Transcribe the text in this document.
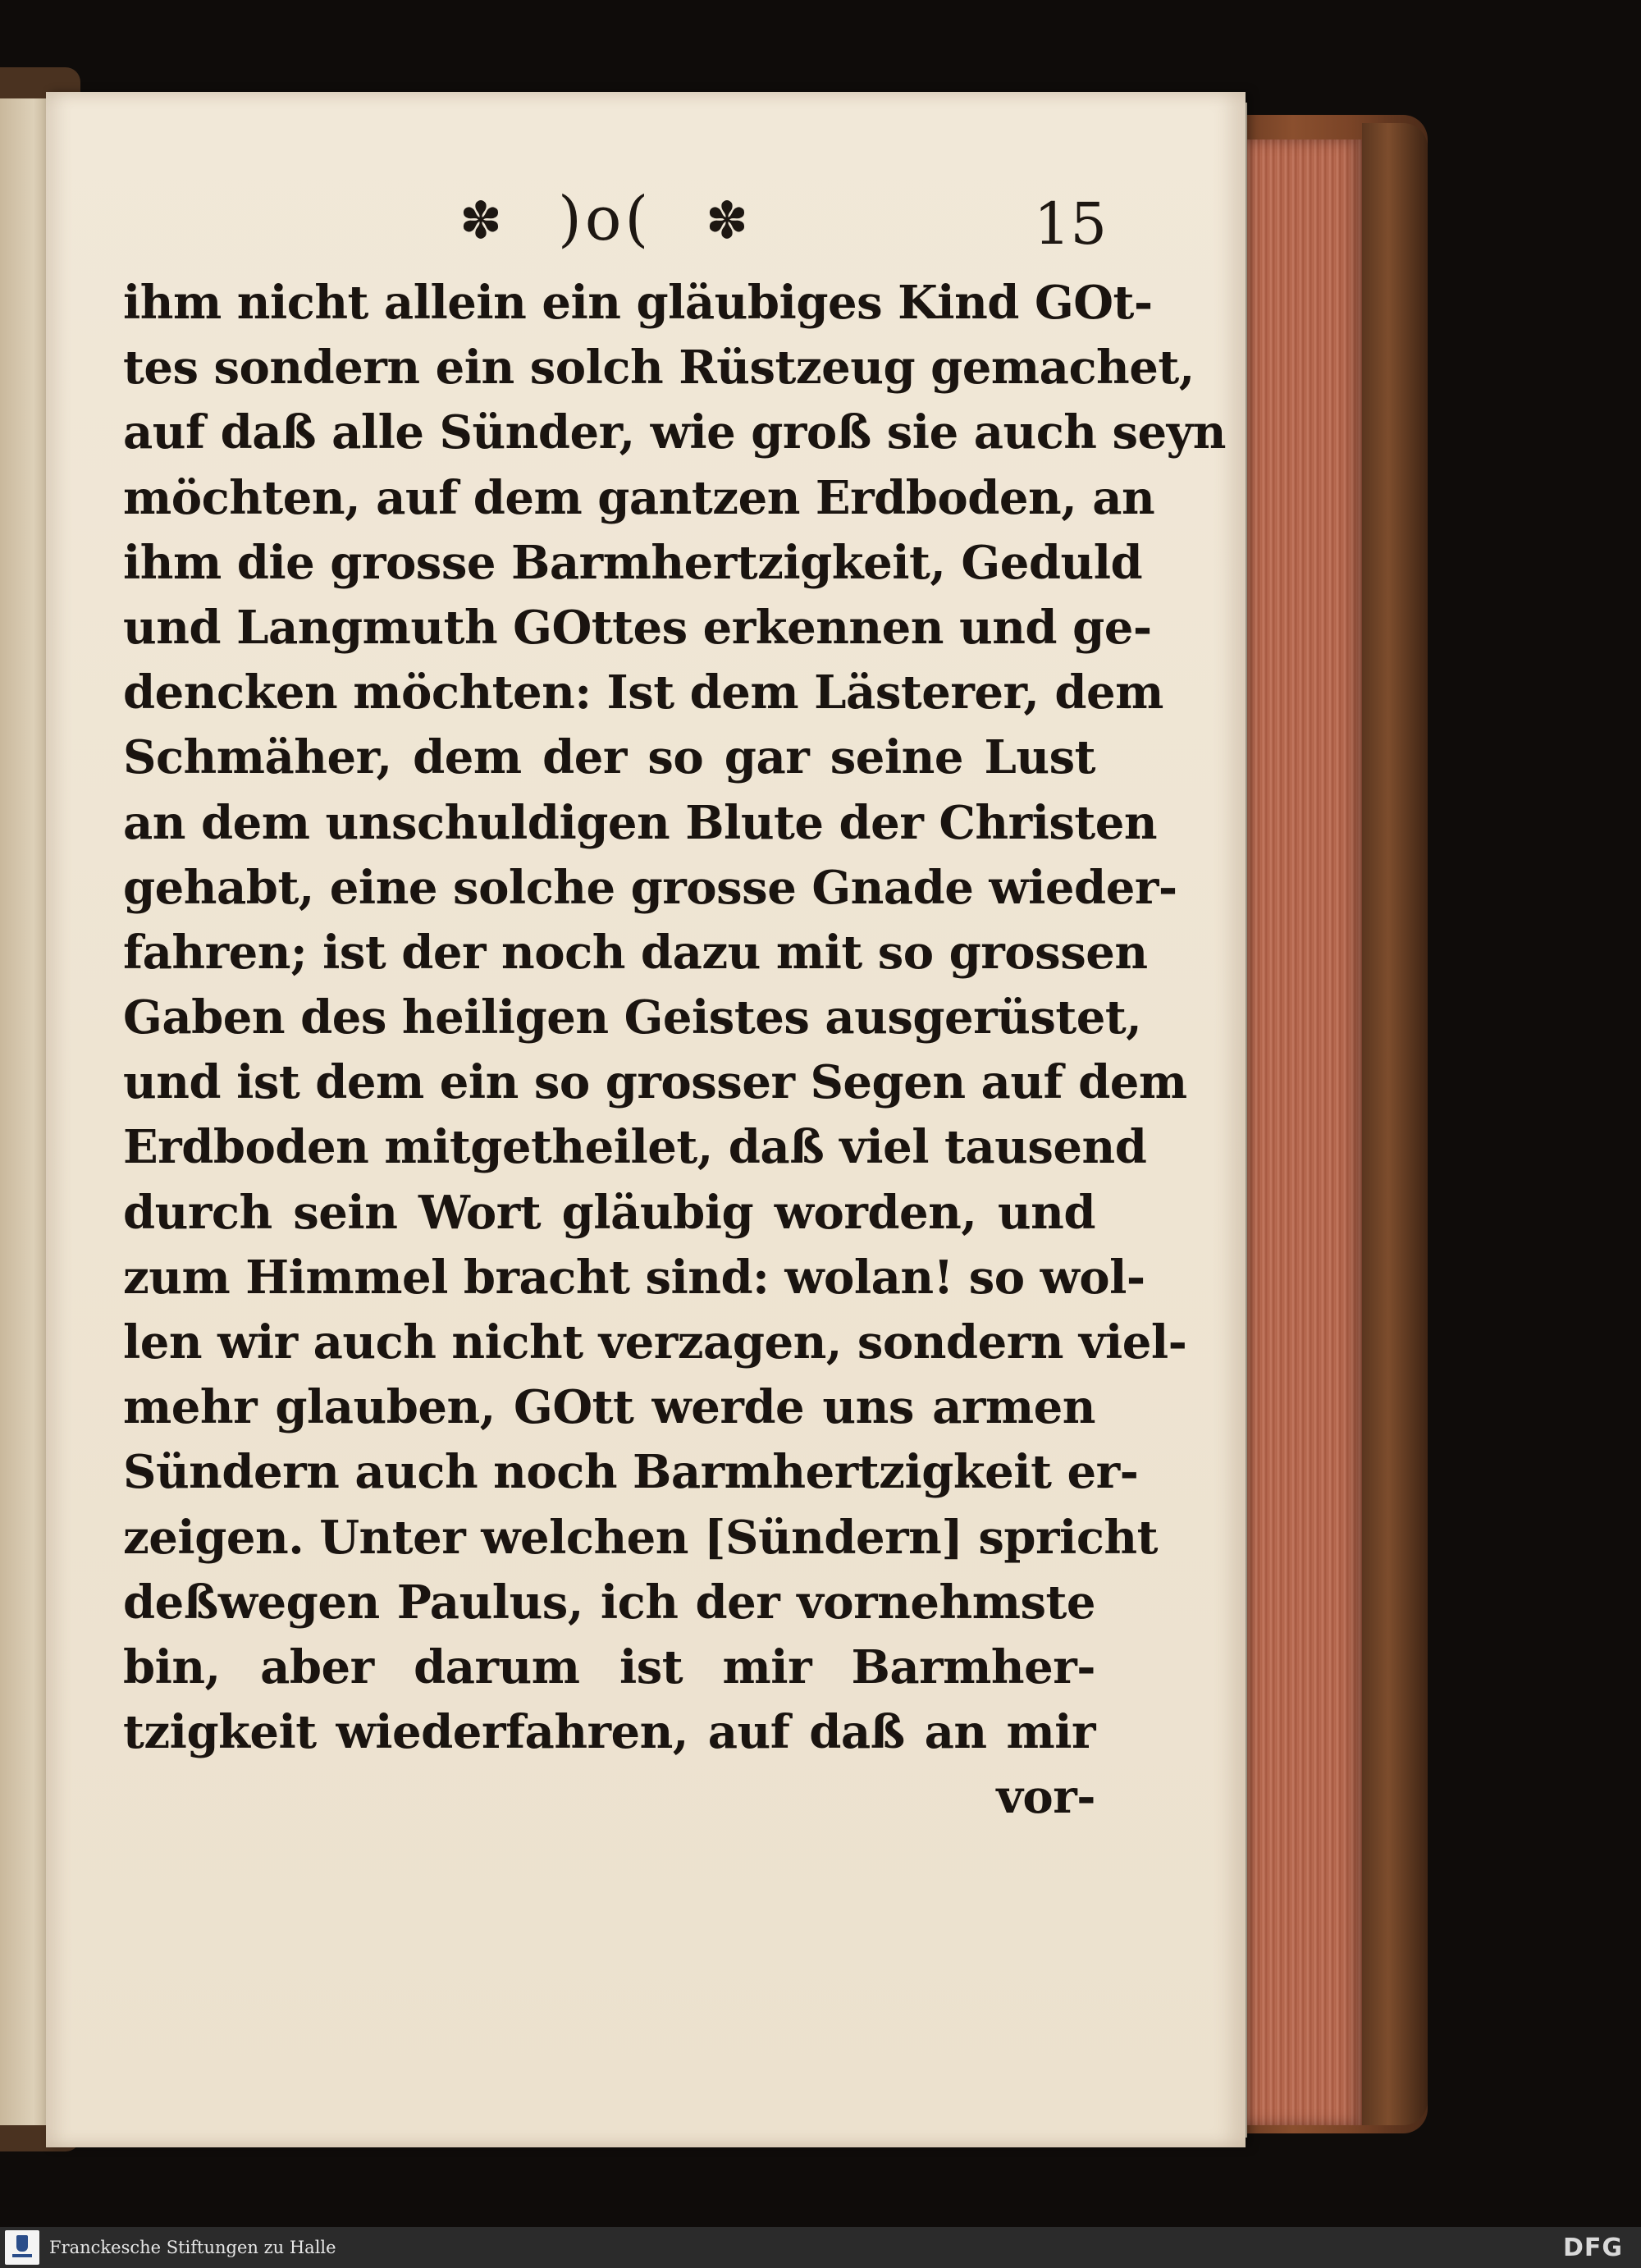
✽ )o( ✽	15
ihm nicht allein ein gläubiges Kind GOt-
tes sondern ein solch Rüstzeug gemachet,
auf daß alle Sünder, wie groß sie auch seyn
möchten, auf dem gantzen Erdboden, an
ihm die grosse Barmhertzigkeit, Geduld
und Langmuth GOttes erkennen und ge-
dencken möchten: Ist dem Lästerer, dem
Schmäher, dem der so gar seine Lust
an dem unschuldigen Blute der Christen
gehabt, eine solche grosse Gnade wieder-
fahren; ist der noch dazu mit so grossen
Gaben des heiligen Geistes ausgerüstet,
und ist dem ein so grosser Segen auf dem
Erdboden mitgetheilet, daß viel tausend
durch sein Wort gläubig worden, und
zum Himmel bracht sind: wolan! so wol-
len wir auch nicht verzagen, sondern viel-
mehr glauben, GOtt werde uns armen
Sündern auch noch Barmhertzigkeit er-
zeigen. Unter welchen [Sündern] spricht
deßwegen Paulus, ich der vornehmste
bin, aber darum ist mir Barmher-
tzigkeit wiederfahren, auf daß an mir
vor-
Franckesche Stiftungen zu Halle	DFG
